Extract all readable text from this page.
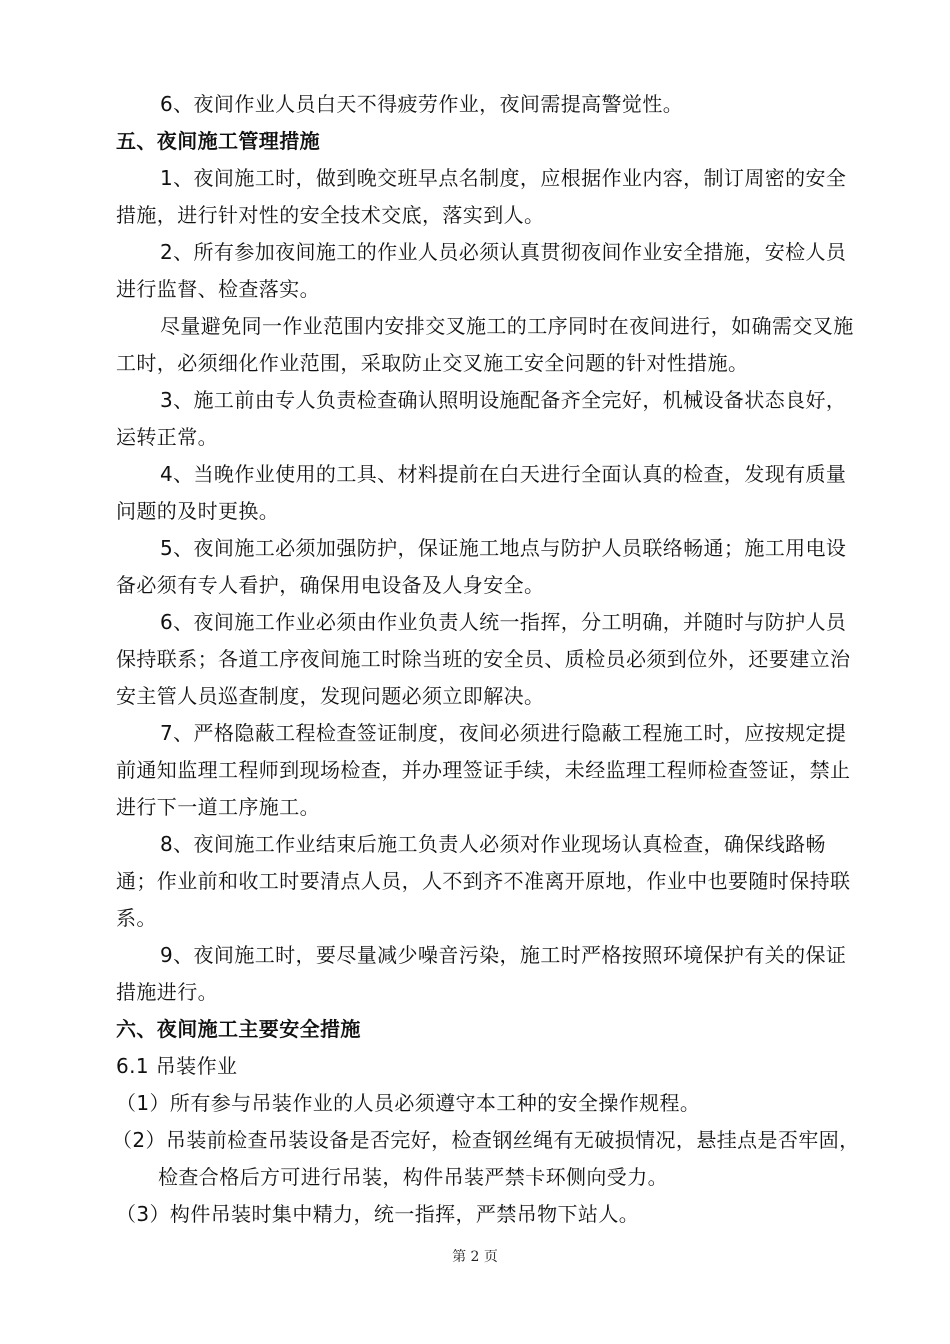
6、夜间作业人员白天不得疲劳作业，夜间需提高警觉性。

五、夜间施工管理措施

1、夜间施工时，做到晚交班早点名制度，应根据作业内容，制订周密的安全措施，进行针对性的安全技术交底，落实到人。

2、所有参加夜间施工的作业人员必须认真贯彻夜间作业安全措施，安检人员进行监督、检查落实。

尽量避免同一作业范围内安排交叉施工的工序同时在夜间进行，如确需交叉施工时，必须细化作业范围，采取防止交叉施工安全问题的针对性措施。

3、施工前由专人负责检查确认照明设施配备齐全完好，机械设备状态良好，运转正常。

4、当晚作业使用的工具、材料提前在白天进行全面认真的检查，发现有质量问题的及时更换。

5、夜间施工必须加强防护，保证施工地点与防护人员联络畅通；施工用电设备必须有专人看护，确保用电设备及人身安全。

6、夜间施工作业必须由作业负责人统一指挥，分工明确，并随时与防护人员保持联系；各道工序夜间施工时除当班的安全员、质检员必须到位外，还要建立治安主管人员巡查制度，发现问题必须立即解决。

7、严格隐蔽工程检查签证制度，夜间必须进行隐蔽工程施工时，应按规定提前通知监理工程师到现场检查，并办理签证手续，未经监理工程师检查签证，禁止进行下一道工序施工。

8、夜间施工作业结束后施工负责人必须对作业现场认真检查，确保线路畅通；作业前和收工时要清点人员，人不到齐不准离开原地，作业中也要随时保持联系。

9、夜间施工时，要尽量减少噪音污染，施工时严格按照环境保护有关的保证措施进行。

六、夜间施工主要安全措施

6.1 吊装作业

（1）所有参与吊装作业的人员必须遵守本工种的安全操作规程。

（2）吊装前检查吊装设备是否完好，检查钢丝绳有无破损情况，悬挂点是否牢固，检查合格后方可进行吊装，构件吊装严禁卡环侧向受力。

（3）构件吊装时集中精力，统一指挥，严禁吊物下站人。

第 2 页
